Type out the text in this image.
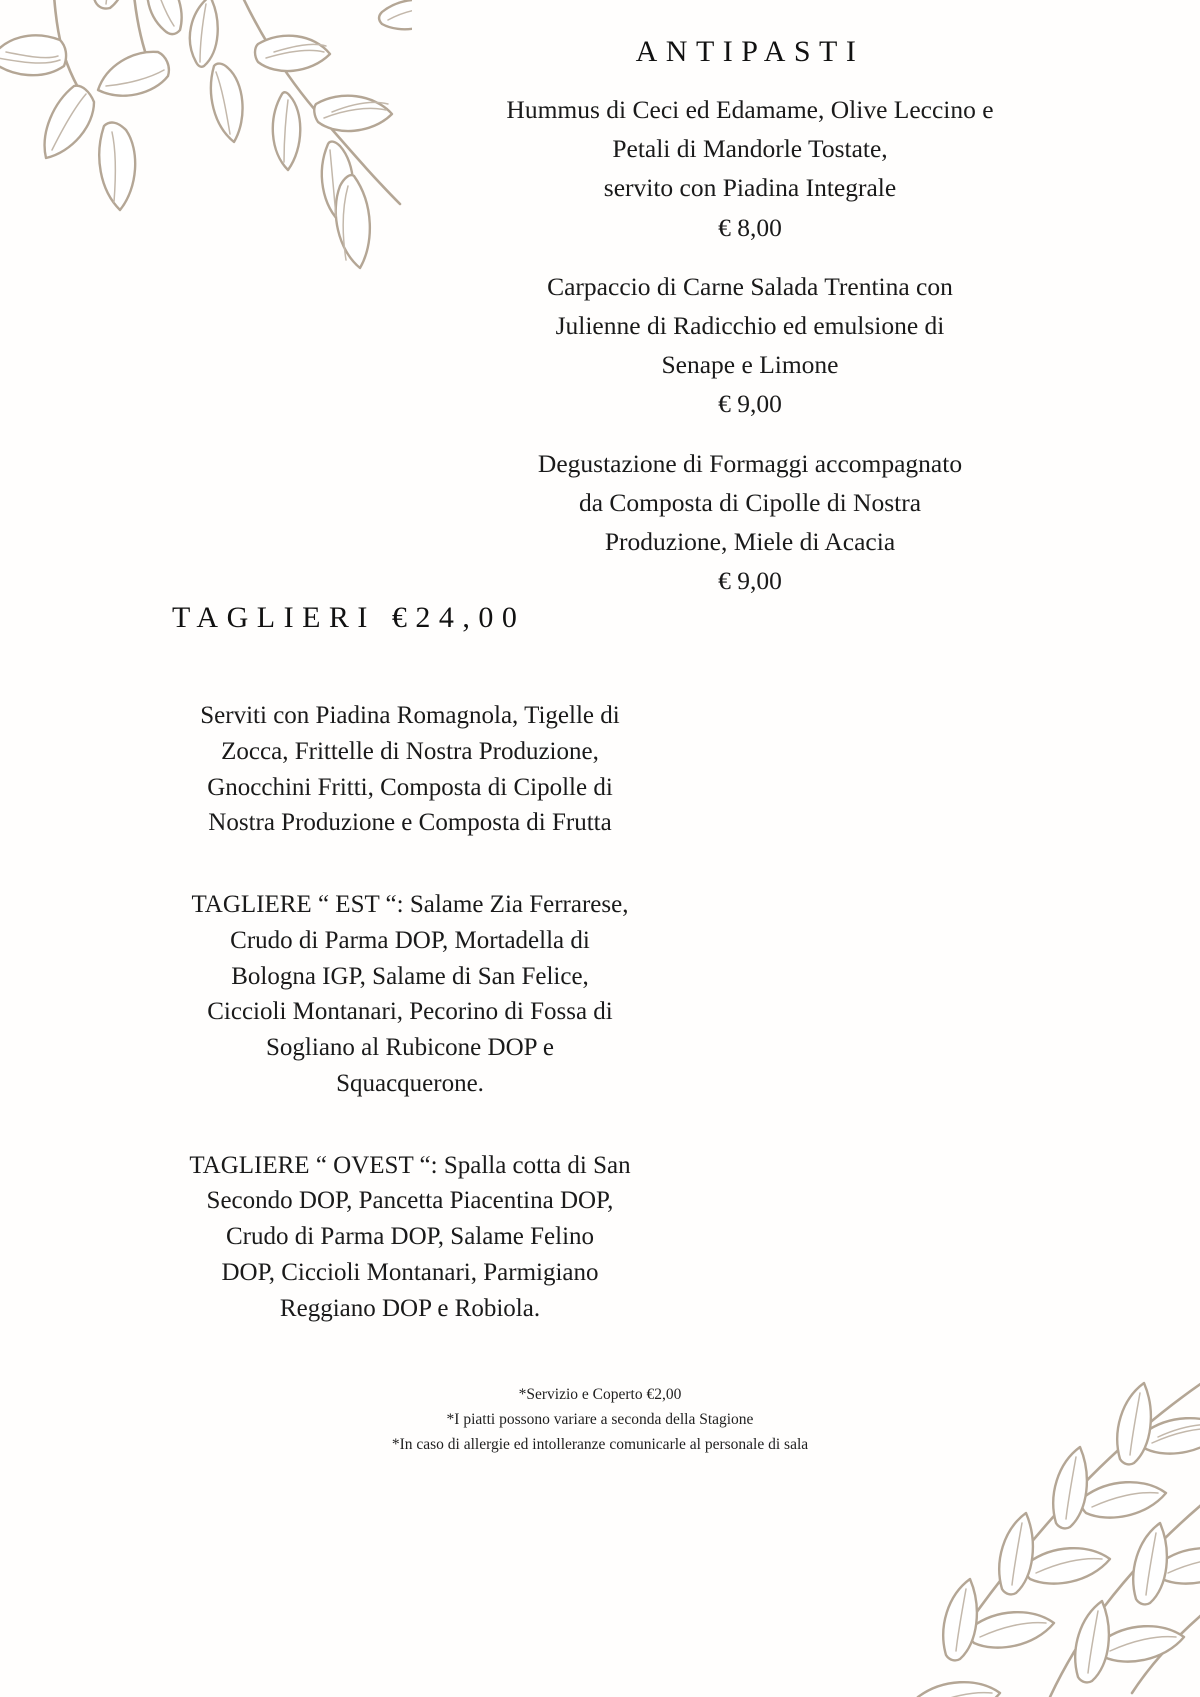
ANTIPASTI

Hummus di Ceci ed Edamame, Olive Leccino e

Petali di Mandorle Tostate,

servito con Piadina Integrale

€ 8,00

Carpaccio di Carne Salada Trentina con

Julienne di Radicchio ed emulsione di

Senape e Limone

€ 9,00

Degustazione di Formaggi accompagnato

da Composta di Cipolle di Nostra

Produzione, Miele di Acacia

€ 9,00

TAGLIERI €24,00

Serviti con Piadina Romagnola, Tigelle di

Zocca, Frittelle di Nostra Produzione,

Gnocchini Fritti, Composta di Cipolle di

Nostra Produzione e Composta di Frutta

TAGLIERE “ EST “: Salame Zia Ferrarese,

Crudo di Parma DOP, Mortadella di

Bologna IGP, Salame di San Felice,

Ciccioli Montanari, Pecorino di Fossa di

Sogliano al Rubicone DOP e

Squacquerone.

TAGLIERE “ OVEST “: Spalla cotta di San

Secondo DOP, Pancetta Piacentina DOP,

Crudo di Parma DOP, Salame Felino

DOP, Ciccioli Montanari, Parmigiano

Reggiano DOP e Robiola.

*Servizio e Coperto €2,00

*I piatti possono variare a seconda della Stagione

*In caso di allergie ed intolleranze comunicarle al personale di sala
